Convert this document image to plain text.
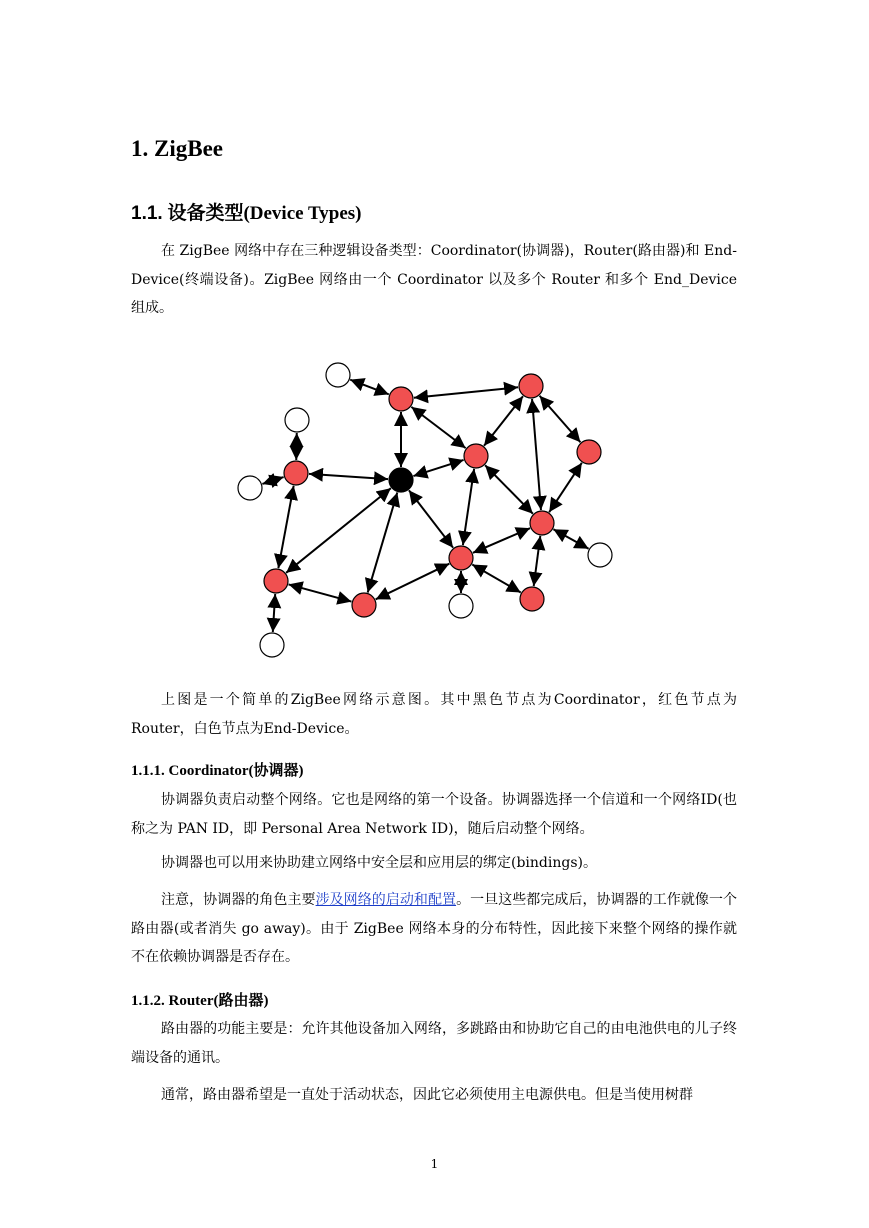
1. ZigBee
1.1. 设备类型(Device Types)

在 ZigBee 网络中存在三种逻辑设备类型：Coordinator(协调器)，Router(路由器)和 End-Device(终端设备)。ZigBee 网络由一个 Coordinator 以及多个 Router 和多个 End_Device 组成。

上图是一个简单的ZigBee网络示意图。其中黑色节点为Coordinator，红色节点为Router，白色节点为End-Device。

1.1.1. Coordinator(协调器)

协调器负责启动整个网络。它也是网络的第一个设备。协调器选择一个信道和一个网络ID(也称之为 PAN ID，即 Personal Area Network ID)，随后启动整个网络。

协调器也可以用来协助建立网络中安全层和应用层的绑定(bindings)。

注意，协调器的角色主要涉及网络的启动和配置。一旦这些都完成后，协调器的工作就像一个路由器(或者消失 go away)。由于 ZigBee 网络本身的分布特性，因此接下来整个网络的操作就不在依赖协调器是否存在。

1.1.2. Router(路由器)

路由器的功能主要是：允许其他设备加入网络，多跳路由和协助它自己的由电池供电的儿子终端设备的通讯。

通常，路由器希望是一直处于活动状态，因此它必须使用主电源供电。但是当使用树群

1
